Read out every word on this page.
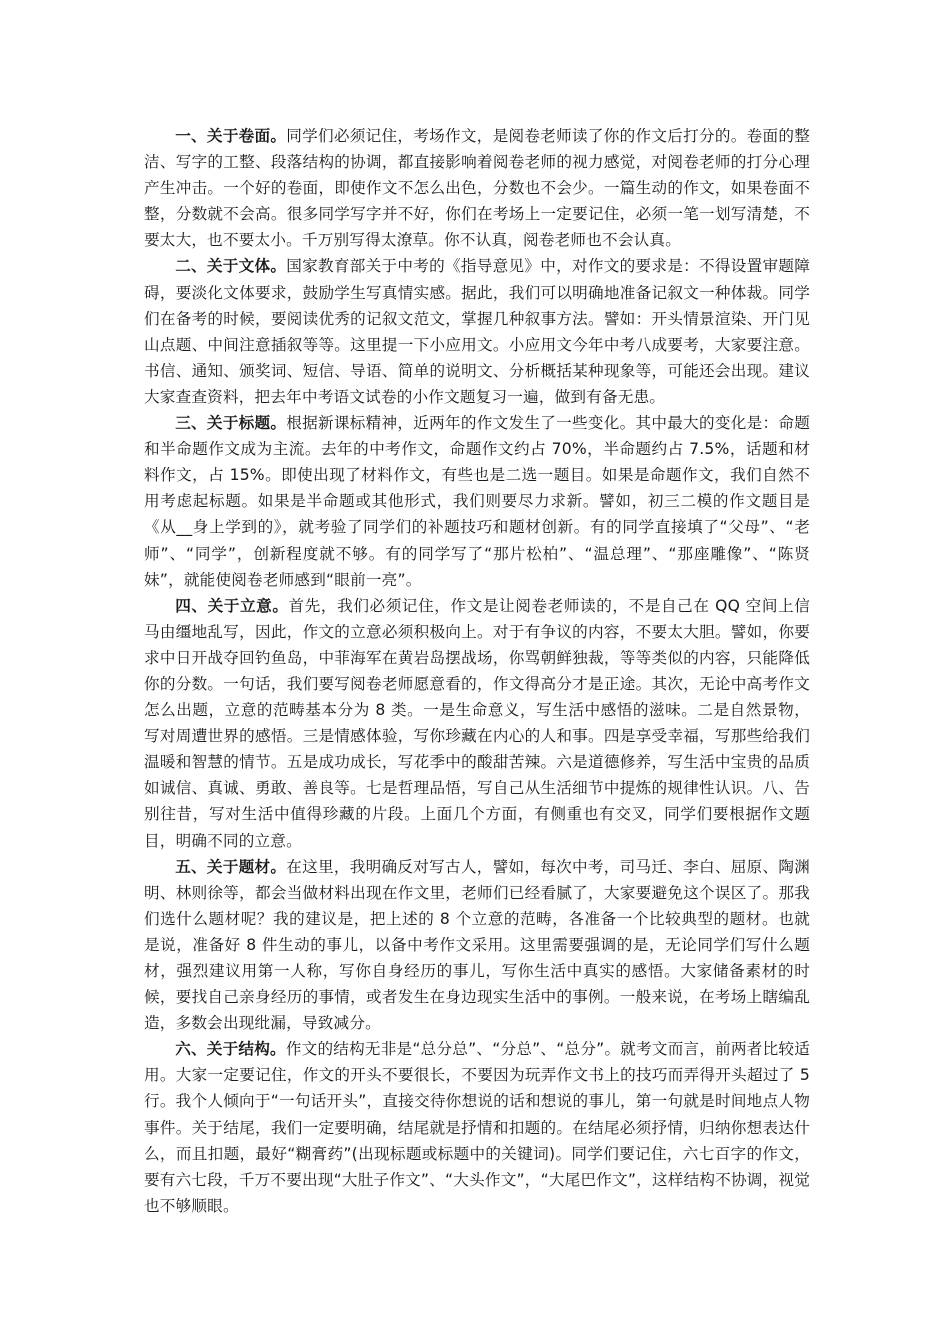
一、关于卷面。同学们必须记住，考场作文，是阅卷老师读了你的作文后打分的。卷面的整洁、写字的工整、段落结构的协调，都直接影响着阅卷老师的视力感觉，对阅卷老师的打分心理产生冲击。一个好的卷面，即使作文不怎么出色，分数也不会少。一篇生动的作文，如果卷面不整，分数就不会高。很多同学写字并不好，你们在考场上一定要记住，必须一笔一划写清楚，不要太大，也不要太小。千万别写得太潦草。你不认真，阅卷老师也不会认真。

二、关于文体。国家教育部关于中考的《指导意见》中，对作文的要求是：不得设置审题障碍，要淡化文体要求，鼓励学生写真情实感。据此，我们可以明确地准备记叙文一种体裁。同学们在备考的时候，要阅读优秀的记叙文范文，掌握几种叙事方法。譬如：开头情景渲染、开门见山点题、中间注意插叙等等。这里提一下小应用文。小应用文今年中考八成要考，大家要注意。书信、通知、颁奖词、短信、导语、简单的说明文、分析概括某种现象等，可能还会出现。建议大家查查资料，把去年中考语文试卷的小作文题复习一遍，做到有备无患。

三、关于标题。根据新课标精神，近两年的作文发生了一些变化。其中最大的变化是：命题和半命题作文成为主流。去年的中考作文，命题作文约占 70%，半命题约占 7.5%，话题和材料作文，占 15%。即使出现了材料作文，有些也是二选一题目。如果是命题作文，我们自然不用考虑起标题。如果是半命题或其他形式，我们则要尽力求新。譬如，初三二模的作文题目是《从__身上学到的》，就考验了同学们的补题技巧和题材创新。有的同学直接填了“父母”、“老师”、“同学”，创新程度就不够。有的同学写了“那片松柏”、“温总理”、“那座雕像”、“陈贤妹”，就能使阅卷老师感到“眼前一亮”。

四、关于立意。首先，我们必须记住，作文是让阅卷老师读的，不是自己在 QQ 空间上信马由缰地乱写，因此，作文的立意必须积极向上。对于有争议的内容，不要太大胆。譬如，你要求中日开战夺回钓鱼岛，中菲海军在黄岩岛摆战场，你骂朝鲜独裁，等等类似的内容，只能降低你的分数。一句话，我们要写阅卷老师愿意看的，作文得高分才是正途。其次，无论中高考作文怎么出题，立意的范畴基本分为 8 类。一是生命意义，写生活中感悟的滋味。二是自然景物，写对周遭世界的感悟。三是情感体验，写你珍藏在内心的人和事。四是享受幸福，写那些给我们温暖和智慧的情节。五是成功成长，写花季中的酸甜苦辣。六是道德修养，写生活中宝贵的品质如诚信、真诚、勇敢、善良等。七是哲理品悟，写自己从生活细节中提炼的规律性认识。八、告别往昔，写对生活中值得珍藏的片段。上面几个方面，有侧重也有交叉，同学们要根据作文题目，明确不同的立意。

五、关于题材。在这里，我明确反对写古人，譬如，每次中考，司马迁、李白、屈原、陶渊明、林则徐等，都会当做材料出现在作文里，老师们已经看腻了，大家要避免这个误区了。那我们选什么题材呢？我的建议是，把上述的 8 个立意的范畴，各准备一个比较典型的题材。也就是说，准备好 8 件生动的事儿，以备中考作文采用。这里需要强调的是，无论同学们写什么题材，强烈建议用第一人称，写你自身经历的事儿，写你生活中真实的感悟。大家储备素材的时候，要找自己亲身经历的事情，或者发生在身边现实生活中的事例。一般来说，在考场上瞎编乱造，多数会出现纰漏，导致减分。

六、关于结构。作文的结构无非是“总分总”、“分总”、“总分”。就考文而言，前两者比较适用。大家一定要记住，作文的开头不要很长，不要因为玩弄作文书上的技巧而弄得开头超过了 5 行。我个人倾向于“一句话开头”，直接交待你想说的话和想说的事儿，第一句就是时间地点人物事件。关于结尾，我们一定要明确，结尾就是抒情和扣题的。在结尾必须抒情，归纳你想表达什么，而且扣题，最好“糊膏药”(出现标题或标题中的关键词)。同学们要记住，六七百字的作文，要有六七段，千万不要出现“大肚子作文”、“大头作文”，“大尾巴作文”，这样结构不协调，视觉也不够顺眼。
